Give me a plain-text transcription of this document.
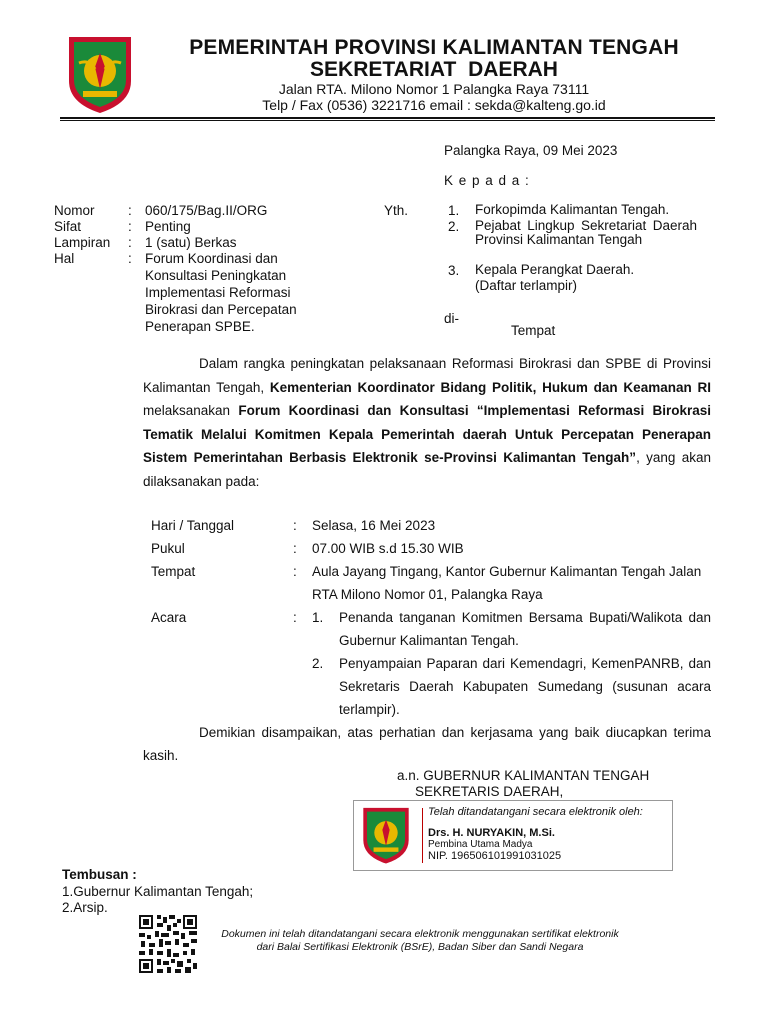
PEMERINTAH PROVINSI KALIMANTAN TENGAH
SEKRETARIAT DAERAH
Jalan RTA. Milono Nomor 1 Palangka Raya 73111
Telp / Fax (0536) 3221716 email : sekda@kalteng.go.id
Palangka Raya, 09 Mei 2023
K e p a d a :
Yth.	1. Forkopimda Kalimantan Tengah.
2. Pejabat Lingkup Sekretariat Daerah Provinsi Kalimantan Tengah
3. Kepala Perangkat Daerah.
(Daftar terlampir)
di-
Tempat
Nomor : 060/175/Bag.II/ORG
Sifat	: Penting
Lampiran : 1 (satu) Berkas
Hal	: Forum Koordinasi dan Konsultasi Peningkatan Implementasi Reformasi Birokrasi dan Percepatan Penerapan SPBE.
Dalam rangka peningkatan pelaksanaan Reformasi Birokrasi dan SPBE di Provinsi Kalimantan Tengah, Kementerian Koordinator Bidang Politik, Hukum dan Keamanan RI melaksanakan Forum Koordinasi dan Konsultasi “Implementasi Reformasi Birokrasi Tematik Melalui Komitmen Kepala Pemerintah daerah Untuk Percepatan Penerapan Sistem Pemerintahan Berbasis Elektronik se-Provinsi Kalimantan Tengah”, yang akan dilaksanakan pada:
Hari / Tanggal	: Selasa, 16 Mei 2023
Pukul	: 07.00 WIB s.d 15.30 WIB
Tempat	: Aula Jayang Tingang, Kantor Gubernur Kalimantan Tengah Jalan RTA Milono Nomor 01, Palangka Raya
Acara	: 1. Penanda tanganan Komitmen Bersama Bupati/Walikota dan Gubernur Kalimantan Tengah.
2. Penyampaian Paparan dari Kemendagri, KemenPANRB, dan Sekretaris Daerah Kabupaten Sumedang (susunan acara terlampir).
Demikian disampaikan, atas perhatian dan kerjasama yang baik diucapkan terima kasih.
a.n. GUBERNUR KALIMANTAN TENGAH
SEKRETARIS DAERAH,
Telah ditandatangani secara elektronik oleh:
Drs. H. NURYAKIN, M.Si.
Pembina Utama Madya
NIP. 196506101991031025
Tembusan :
1.Gubernur Kalimantan Tengah;
2.Arsip.
Dokumen ini telah ditandatangani secara elektronik menggunakan sertifikat elektronik
dari Balai Sertifikasi Elektronik (BSrE), Badan Siber dan Sandi Negara
